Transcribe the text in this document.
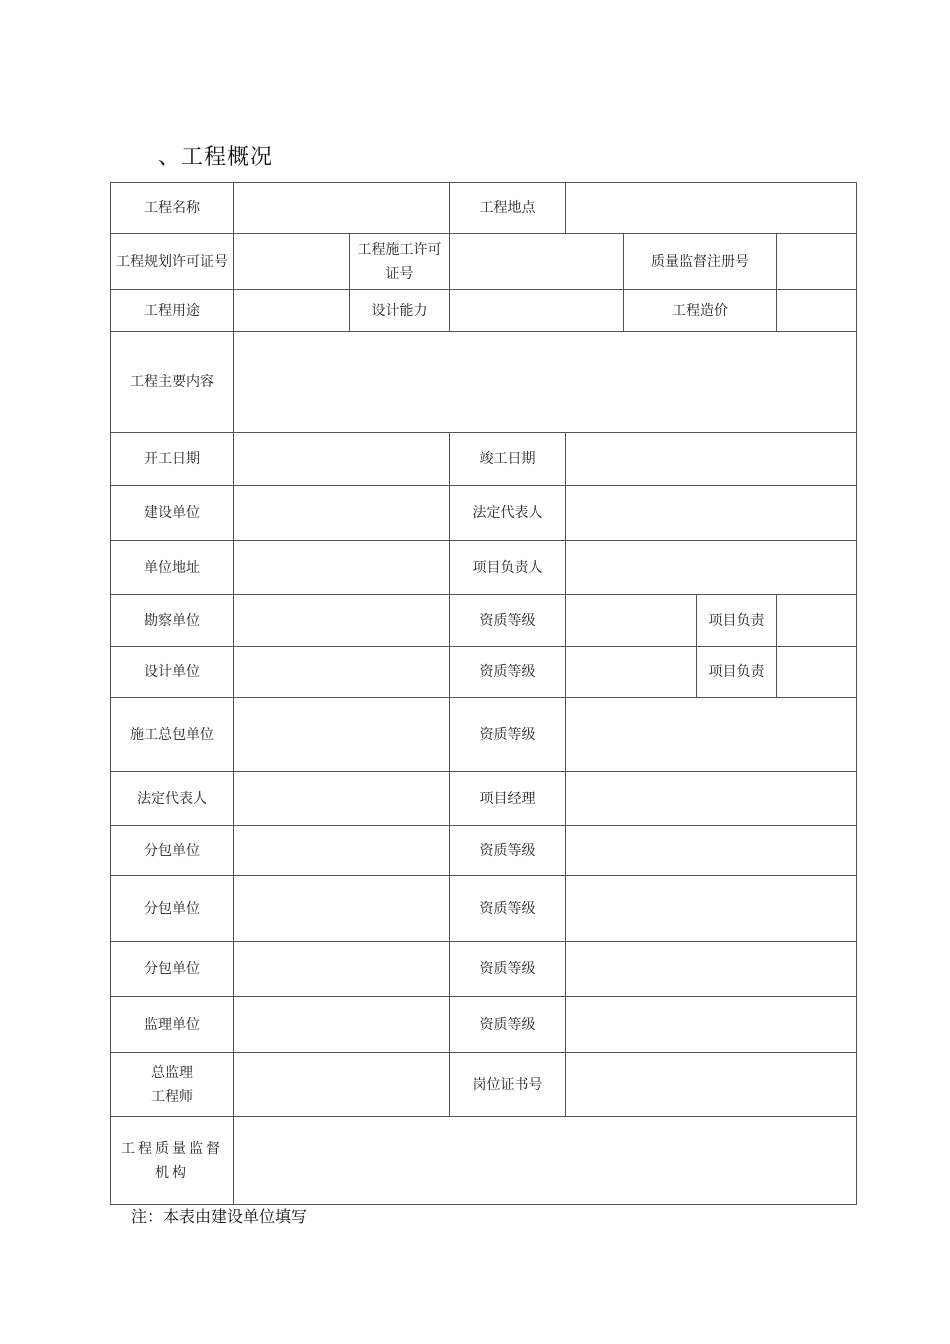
、工程概况
工程名称			工程地点				
工程规划许可证号		工程施工许可证号			质量监督注册号		
工程用途		设计能力			工程造价		
工程主要内容							
开工日期			竣工日期				
建设单位			法定代表人				
单位地址			项目负责人				
勘察单位			资质等级			项目负责	
设计单位			资质等级			项目负责	
施工总包单位			资质等级				
法定代表人			项目经理				
分包单位			资质等级				
分包单位			资质等级				
分包单位			资质等级				
监理单位			资质等级				
总监理工程师			岗位证书号				
工程质量监督机构							
注：本表由建设单位填写
